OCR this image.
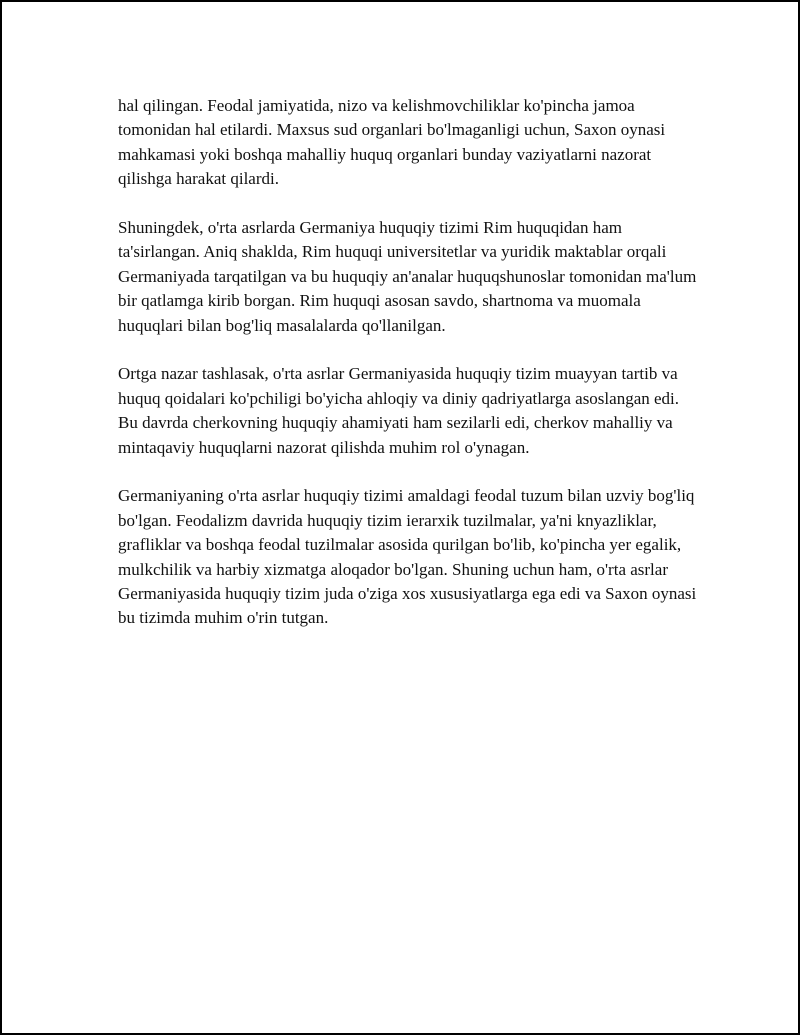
hal qilingan. Feodal jamiyatida, nizo va kelishmovchiliklar ko'pincha jamoa tomonidan hal etilardi. Maxsus sud organlari bo'lmaganligi uchun, Saxon oynasi mahkamasi yoki boshqa mahalliy huquq organlari bunday vaziyatlarni nazorat qilishga harakat qilardi.

Shuningdek, o'rta asrlarda Germaniya huquqiy tizimi Rim huquqidan ham ta'sirlangan. Aniq shaklda, Rim huquqi universitetlar va yuridik maktablar orqali Germaniyada tarqatilgan va bu huquqiy an'analar huquqshunoslar tomonidan ma'lum bir qatlamga kirib borgan. Rim huquqi asosan savdo, shartnoma va muomala huquqlari bilan bog'liq masalalarda qo'llanilgan.

Ortga nazar tashlasak, o'rta asrlar Germaniyasida huquqiy tizim muayyan tartib va huquq qoidalari ko'pchiligi bo'yicha ahloqiy va diniy qadriyatlarga asoslangan edi. Bu davrda cherkovning huquqiy ahamiyati ham sezilarli edi, cherkov mahalliy va mintaqaviy huquqlarni nazorat qilishda muhim rol o'ynagan.

Germaniyaning o'rta asrlar huquqiy tizimi amaldagi feodal tuzum bilan uzviy bog'liq bo'lgan. Feodalizm davrida huquqiy tizim ierarxik tuzilmalar, ya'ni knyazliklar, grafliklar va boshqa feodal tuzilmalar asosida qurilgan bo'lib, ko'pincha yer egalik, mulkchilik va harbiy xizmatga aloqador bo'lgan. Shuning uchun ham, o'rta asrlar Germaniyasida huquqiy tizim juda o'ziga xos xususiyatlarga ega edi va Saxon oynasi bu tizimda muhim o'rin tutgan.
